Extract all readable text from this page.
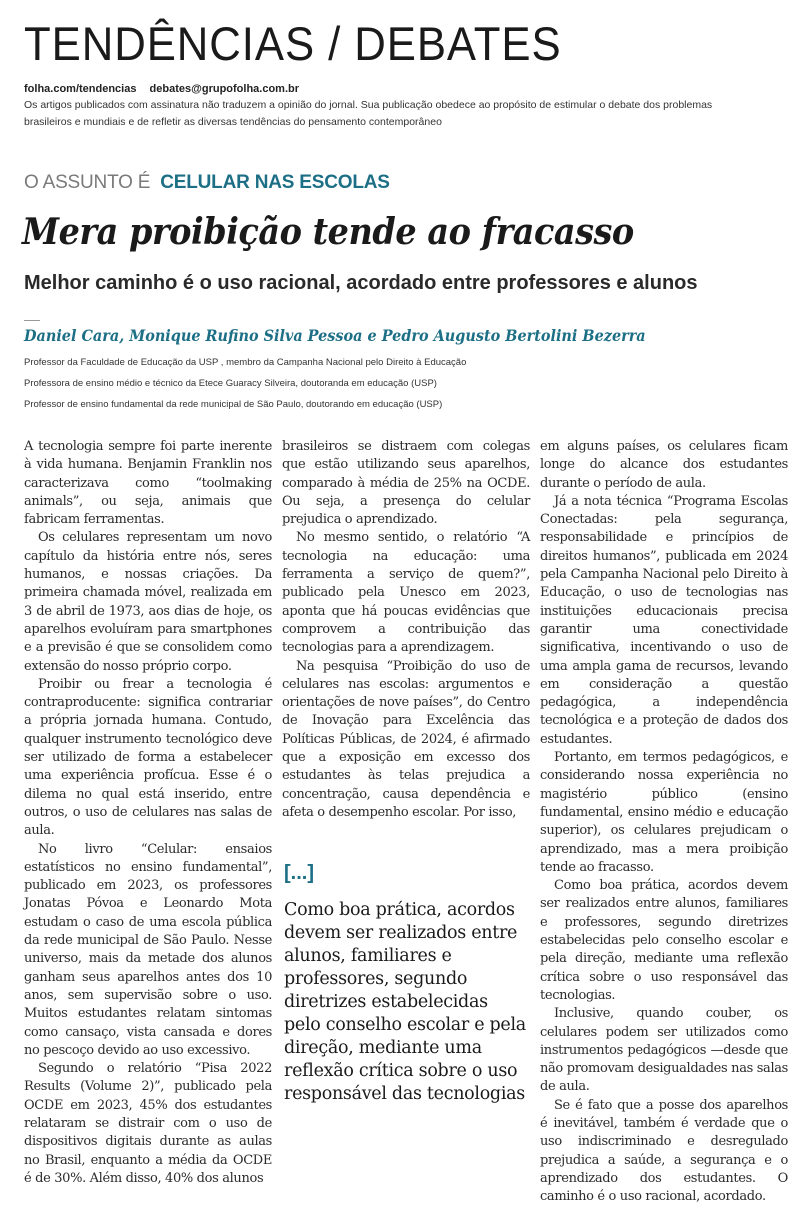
TENDÊNCIAS / DEBATES
folha.com/tendencias debates@grupofolha.com.br
Os artigos publicados com assinatura não traduzem a opinião do jornal. Sua publicação obedece ao propósito de estimular o debate dos problemas brasileiros e mundiais e de refletir as diversas tendências do pensamento contemporâneo
O ASSUNTO É CELULAR NAS ESCOLAS
Mera proibição tende ao fracasso
Melhor caminho é o uso racional, acordado entre professores e alunos
Daniel Cara, Monique Rufino Silva Pessoa e Pedro Augusto Bertolini Bezerra
Professor da Faculdade de Educação da USP , membro da Campanha Nacional pelo Direito à Educação
Professora de ensino médio e técnico da Etece Guaracy Silveira, doutoranda em educação (USP)
Professor de ensino fundamental da rede municipal de São Paulo, doutorando em educação (USP)

A tecnologia sempre foi parte inerente à vida humana. Benjamin Franklin nos caracterizava como “toolmaking animals”, ou seja, animais que fabricam ferramentas.

Os celulares representam um novo capítulo da história entre nós, seres humanos, e nossas criações. Da primeira chamada móvel, realizada em 3 de abril de 1973, aos dias de hoje, os aparelhos evoluíram para smartphones e a previsão é que se consolidem como extensão do nosso próprio corpo.

Proibir ou frear a tecnologia é contraproducente: significa contrariar a própria jornada humana. Contudo, qualquer instrumento tecnológico deve ser utilizado de forma a estabelecer uma experiência profícua. Esse é o dilema no qual está inserido, entre outros, o uso de celulares nas salas de aula.

No livro “Celular: ensaios estatísticos no ensino fundamental”, publicado em 2023, os professores Jonatas Póvoa e Leonardo Mota estudam o caso de uma escola pública da rede municipal de São Paulo. Nesse universo, mais da metade dos alunos ganham seus aparelhos antes dos 10 anos, sem supervisão sobre o uso. Muitos estudantes relatam sintomas como cansaço, vista cansada e dores no pescoço devido ao uso excessivo.

Segundo o relatório “Pisa 2022 Results (Volume 2)”, publicado pela OCDE em 2023, 45% dos estudantes relataram se distrair com o uso de dispositivos digitais durante as aulas no Brasil, enquanto a média da OCDE é de 30%. Além disso, 40% dos alunos

brasileiros se distraem com colegas que estão utilizando seus aparelhos, comparado à média de 25% na OCDE. Ou seja, a presença do celular prejudica o aprendizado.

No mesmo sentido, o relatório “A tecnologia na educação: uma ferramenta a serviço de quem?”, publicado pela Unesco em 2023, aponta que há poucas evidências que comprovem a contribuição das tecnologias para a aprendizagem.

Na pesquisa “Proibição do uso de celulares nas escolas: argumentos e orientações de nove países”, do Centro de Inovação para Excelência das Políticas Públicas, de 2024, é afirmado que a exposição em excesso dos estudantes às telas prejudica a concentração, causa dependência e afeta o desempenho escolar. Por isso,

[...]
Como boa prática, acordos devem ser realizados entre alunos, familiares e professores, segundo diretrizes estabelecidas pelo conselho escolar e pela direção, mediante uma reflexão crítica sobre o uso responsável das tecnologias

em alguns países, os celulares ficam longe do alcance dos estudantes durante o período de aula.

Já a nota técnica “Programa Escolas Conectadas: pela segurança, responsabilidade e princípios de direitos humanos”, publicada em 2024 pela Campanha Nacional pelo Direito à Educação, o uso de tecnologias nas instituições educacionais precisa garantir uma conectividade significativa, incentivando o uso de uma ampla gama de recursos, levando em consideração a questão pedagógica, a independência tecnológica e a proteção de dados dos estudantes.

Portanto, em termos pedagógicos, e considerando nossa experiência no magistério público (ensino fundamental, ensino médio e educação superior), os celulares prejudicam o aprendizado, mas a mera proibição tende ao fracasso.

Como boa prática, acordos devem ser realizados entre alunos, familiares e professores, segundo diretrizes estabelecidas pelo conselho escolar e pela direção, mediante uma reflexão crítica sobre o uso responsável das tecnologias.

Inclusive, quando couber, os celulares podem ser utilizados como instrumentos pedagógicos —desde que não promovam desigualdades nas salas de aula.

Se é fato que a posse dos aparelhos é inevitável, também é verdade que o uso indiscriminado e desregulado prejudica a saúde, a segurança e o aprendizado dos estudantes. O caminho é o uso racional, acordado.
